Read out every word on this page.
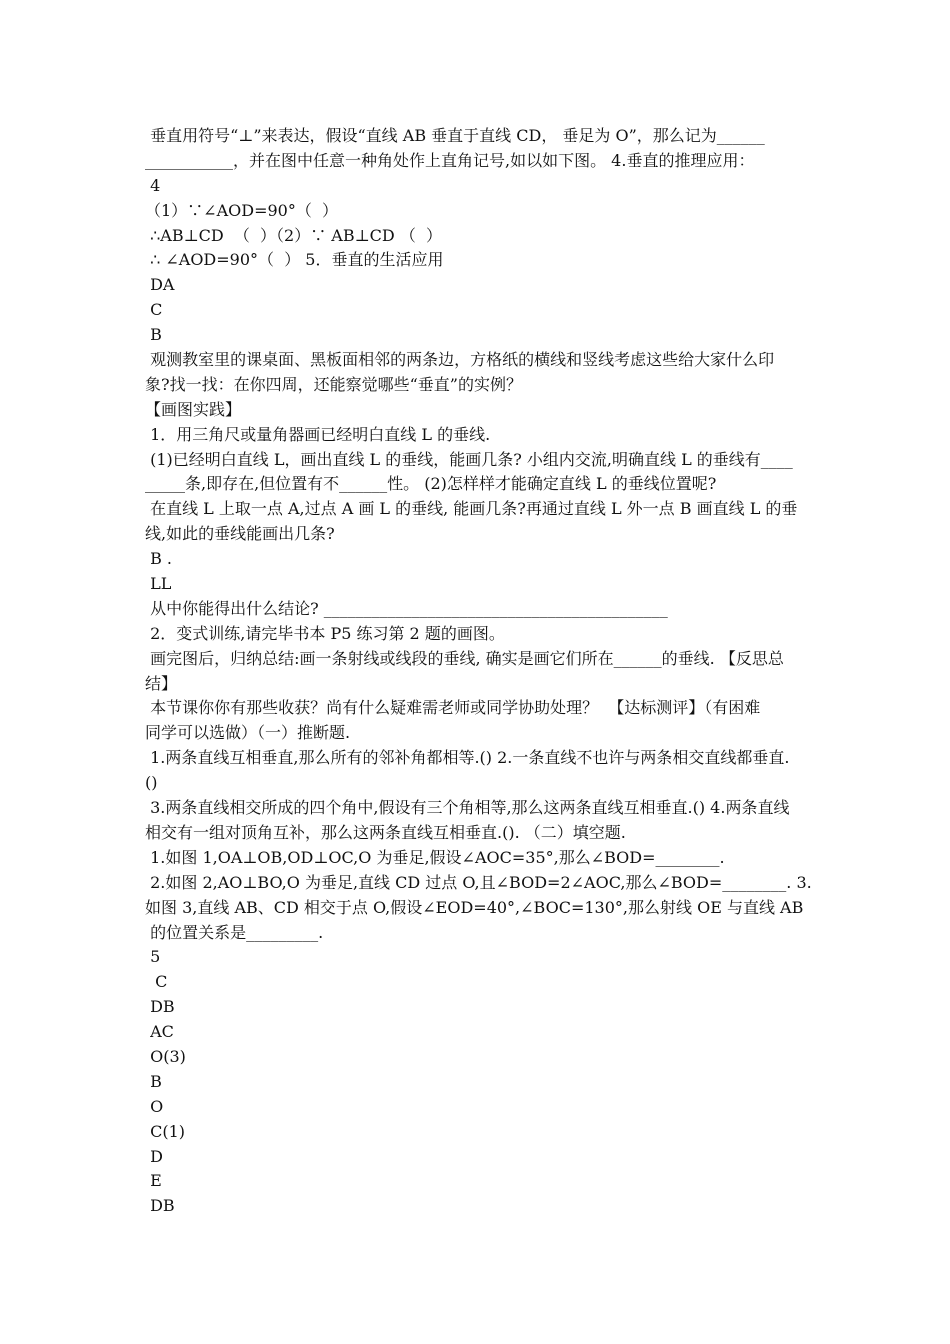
垂直用符号“⊥”来表达，假设“直线 AB 垂直于直线 CD， 垂足为 O”，那么记为______
___________，并在图中任意一种角处作上直角记号,如以如下图。 4.垂直的推理应用：
4
（1）∵∠AOD=90°（  ）
∴AB⊥CD  （  ）（2）∵ AB⊥CD （  ）
∴ ∠AOD=90°（  ） 5．垂直的生活应用
DA
C
B
观测教室里的课桌面、黑板面相邻的两条边，方格纸的横线和竖线考虑这些给大家什么印
象?找一找：在你四周，还能察觉哪些“垂直”的实例？
【画图实践】
1．用三角尺或量角器画已经明白直线 L 的垂线.
(1)已经明白直线 L，画出直线 L 的垂线，能画几条? 小组内交流,明确直线 L 的垂线有____
_____条,即存在,但位置有不______性。 (2)怎样样才能确定直线 L 的垂线位置呢?
在直线 L 上取一点 A,过点 A 画 L 的垂线, 能画几条?再通过直线 L 外一点 B 画直线 L 的垂
线,如此的垂线能画出几条?
B .
LL
从中你能得出什么结论? ___________________________________________
2．变式训练,请完毕书本 P5 练习第 2 题的画图。
画完图后，归纳总结:画一条射线或线段的垂线, 确实是画它们所在______的垂线. 【反思总
结】
本节课你你有那些收获？尚有什么疑难需老师或同学协助处理？  【达标测评】（有困难
同学可以选做）（一）推断题.
1.两条直线互相垂直,那么所有的邻补角都相等.() 2.一条直线不也许与两条相交直线都垂直.
()
3.两条直线相交所成的四个角中,假设有三个角相等,那么这两条直线互相垂直.() 4.两条直线
相交有一组对顶角互补，那么这两条直线互相垂直.(). （二）填空题.
1.如图 1,OA⊥OB,OD⊥OC,O 为垂足,假设∠AOC=35°,那么∠BOD=________.
2.如图 2,AO⊥BO,O 为垂足,直线 CD 过点 O,且∠BOD=2∠AOC,那么∠BOD=________. 3.
如图 3,直线 AB、CD 相交于点 O,假设∠EOD=40°,∠BOC=130°,那么射线 OE 与直线 AB
的位置关系是_________.
5
C
DB
AC
O(3)
B
O
C(1)
D
E
DB
